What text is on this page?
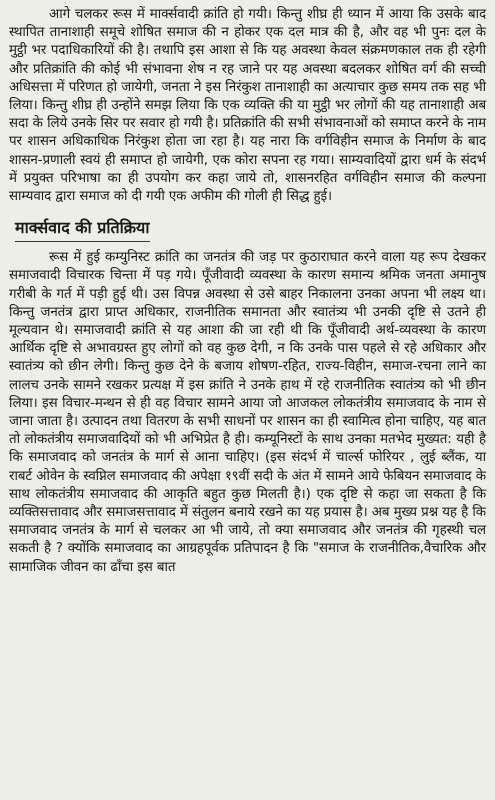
आगे चलकर रूस में मार्क्सवादी क्रांति हो गयी। किन्तु शीघ्र ही ध्यान में आया कि उसके बाद स्थापित तानाशाही समूचे शोषित समाज की न होकर एक दल मात्र की है, और वह भी पुनः दल के मुट्ठी भर पदाधिकारियों की है। तथापि इस आशा से कि यह अवस्था केवल संक्रमणकाल तक ही रहेगी और प्रतिक्रांति की कोई भी संभावना शेष न रह जाने पर यह अवस्था बदलकर शोषित वर्ग की सच्ची अधिसत्ता में परिणत हो जायेगी, जनता ने इस निरंकुश तानाशाही का अत्याचार कुछ समय तक सह भी लिया। किन्तु शीघ्र ही उन्होंने समझ लिया कि एक व्यक्ति की या मुट्ठी भर लोगों की यह तानाशाही अब सदा के लिये उनके सिर पर सवार हो गयी है। प्रतिक्रांति की सभी संभावनाओं को समाप्त करने के नाम पर शासन अधिकाधिक निरंकुश होता जा रहा है। यह नारा कि वर्गविहीन समाज के निर्माण के बाद शासन-प्रणाली स्वयं ही समाप्त हो जायेगी, एक कोरा सपना रह गया। साम्यवादियों द्वारा धर्म के संदर्भ में प्रयुक्त परिभाषा का ही उपयोग कर कहा जाये तो, शासनरहित वर्गविहीन समाज की कल्पना साम्यवाद द्वारा समाज को दी गयी एक अफीम की गोली ही सिद्ध हुई।

मार्क्सवाद की प्रतिक्रिया

रूस में हुई कम्युनिस्ट क्रांति का जनतंत्र की जड़ पर कुठाराघात करने वाला यह रूप देखकर समाजवादी विचारक चिन्ता में पड़ गये। पूँजीवादी व्यवस्था के कारण समान्य श्रमिक जनता अमानुष गरीबी के गर्त में पड़ी हुई थी। उस विपन्न अवस्था से उसे बाहर निकालना उनका अपना भी लक्ष्य था। किन्तु जनतंत्र द्वारा प्राप्त अधिकार, राजनीतिक समानता और स्वातंत्र्य भी उनकी दृष्टि से उतने ही मूल्यवान थे। समाजवादी क्रांति से यह आशा की जा रही थी कि पूँजीवादी अर्थ-व्यवस्था के कारण आर्थिक दृष्टि से अभावग्रस्त हुए लोगों को वह कुछ देगी, न कि उनके पास पहले से रहे अधिकार और स्वातंत्र्य को छीन लेगी। किन्तु कुछ देने के बजाय शोषण-रहित, राज्य-विहीन, समाज-रचना लाने का लालच उनके सामने रखकर प्रत्यक्ष में इस क्रांति ने उनके हाथ में रहे राजनीतिक स्वातंत्र्य को भी छीन लिया। इस विचार-मन्थन से ही वह विचार सामने आया जो आजकल लोकतंत्रीय समाजवाद के नाम से जाना जाता है। उत्पादन तथा वितरण के सभी साधनों पर शासन का ही स्वामित्व होना चाहिए, यह बात तो लोकतंत्रीय समाजवादियों को भी अभिप्रेत है ही। कम्यूनिस्टों के साथ उनका मतभेद मुख्यत: यही है कि समाजवाद को जनतंत्र के मार्ग से आना चाहिए। (इस संदर्भ में चार्ल्स फोरियर , लुई ब्लैंक, या राबर्ट ओवेन के स्वप्निल समाजवाद की अपेक्षा १९वीं सदी के अंत में सामने आये फेबियन समाजवाद के साथ लोकतंत्रीय समाजवाद की आकृति बहुत कुछ मिलती है।) एक दृष्टि से कहा जा सकता है कि व्यक्तिसत्तावाद और समाजसत्तावाद में संतुलन बनाये रखने का यह प्रयास है। अब मुख्य प्रश्न यह है कि समाजवाद जनतंत्र के मार्ग से चलकर आ भी जाये, तो क्या समाजवाद और जनतंत्र की गृहस्थी चल सकती है ? क्योंकि समाजवाद का आग्रहपूर्वक प्रतिपादन है कि "समाज के राजनीतिक,वैचारिक और सामाजिक जीवन का ढाँचा इस बात
